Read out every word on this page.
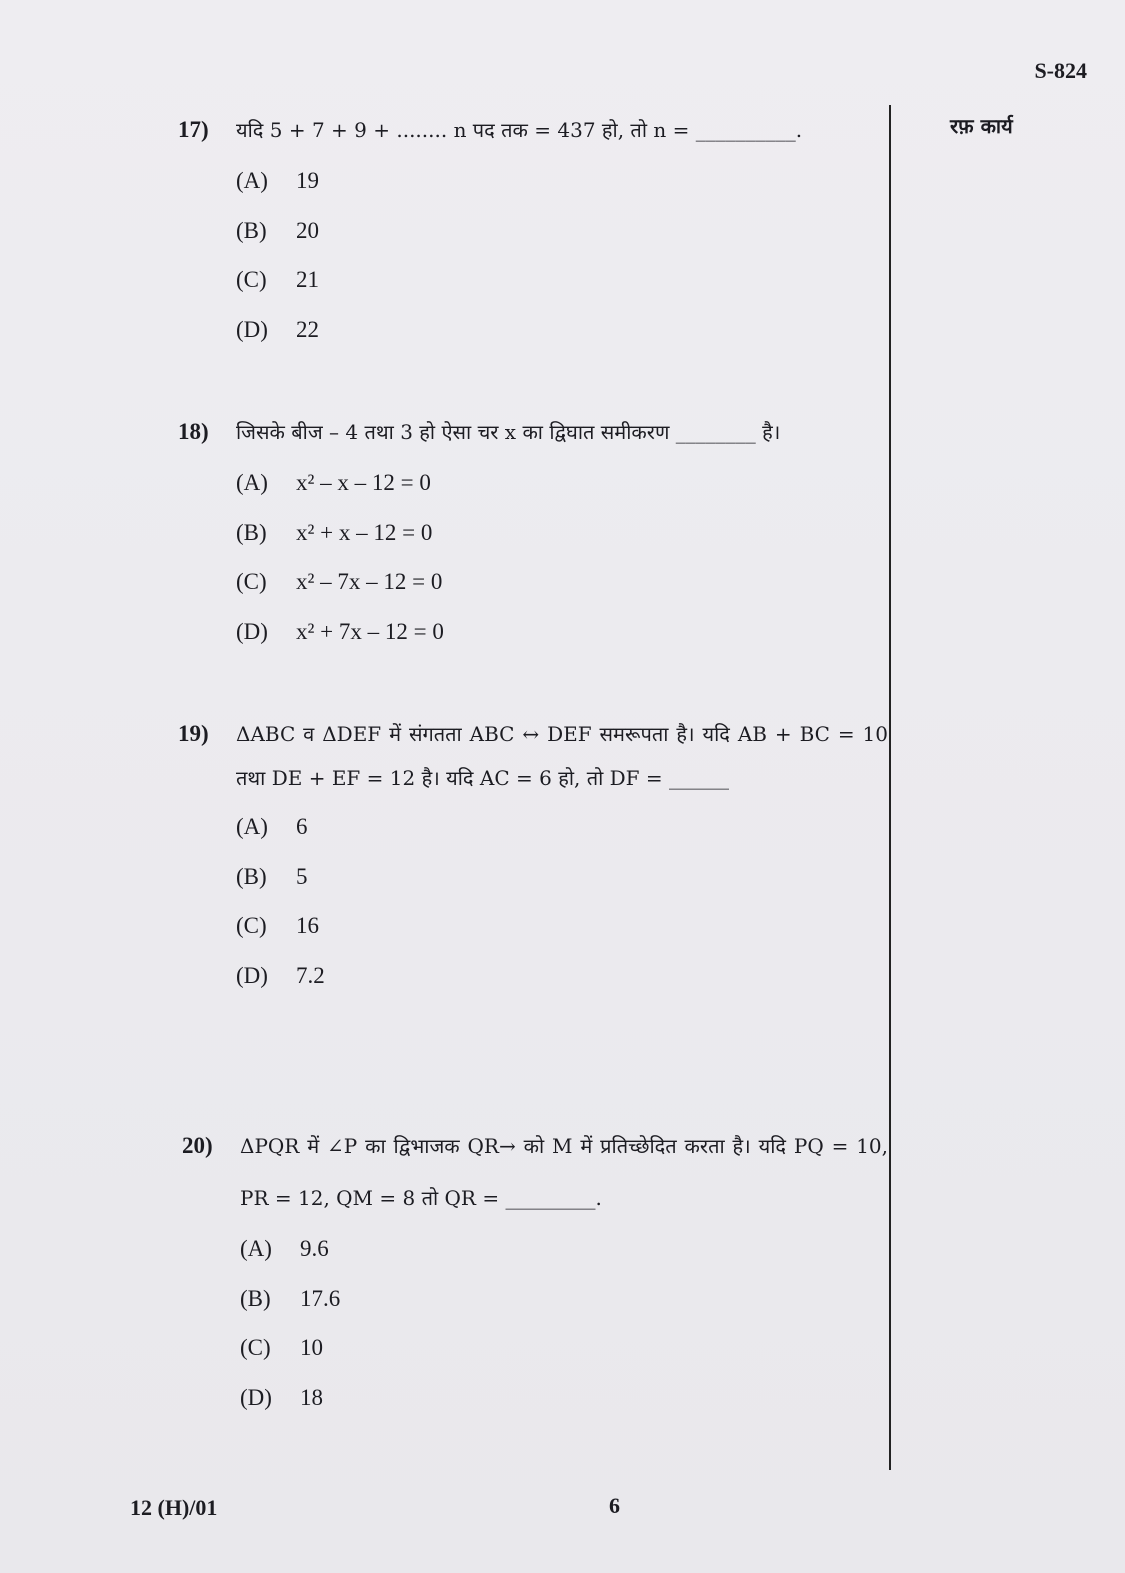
S-824
रफ़ कार्य
17)	यदि 5 + 7 + 9 + ........ n पद तक = 437 हो, तो n = __________.
(A)	19
(B)	20
(C)	21
(D)	22
18)	जिसके बीज – 4 तथा 3 हो ऐसा चर x का द्विघात समीकरण ________ है।
(A)	x² – x – 12 = 0
(B)	x² + x – 12 = 0
(C)	x² – 7x – 12 = 0
(D)	x² + 7x – 12 = 0
19)	ΔABC व ΔDEF में संगतता ABC ↔ DEF समरूपता है। यदि AB + BC = 10 तथा DE + EF = 12 है। यदि AC = 6 हो, तो DF = ______
(A)	6
(B)	5
(C)	16
(D)	7.2
20)	ΔPQR में ∠P का द्विभाजक QR→ को M में प्रतिच्छेदित करता है। यदि PQ = 10, PR = 12, QM = 8 तो QR = _________.
(A)	9.6
(B)	17.6
(C)	10
(D)	18
12 (H)/01	6
